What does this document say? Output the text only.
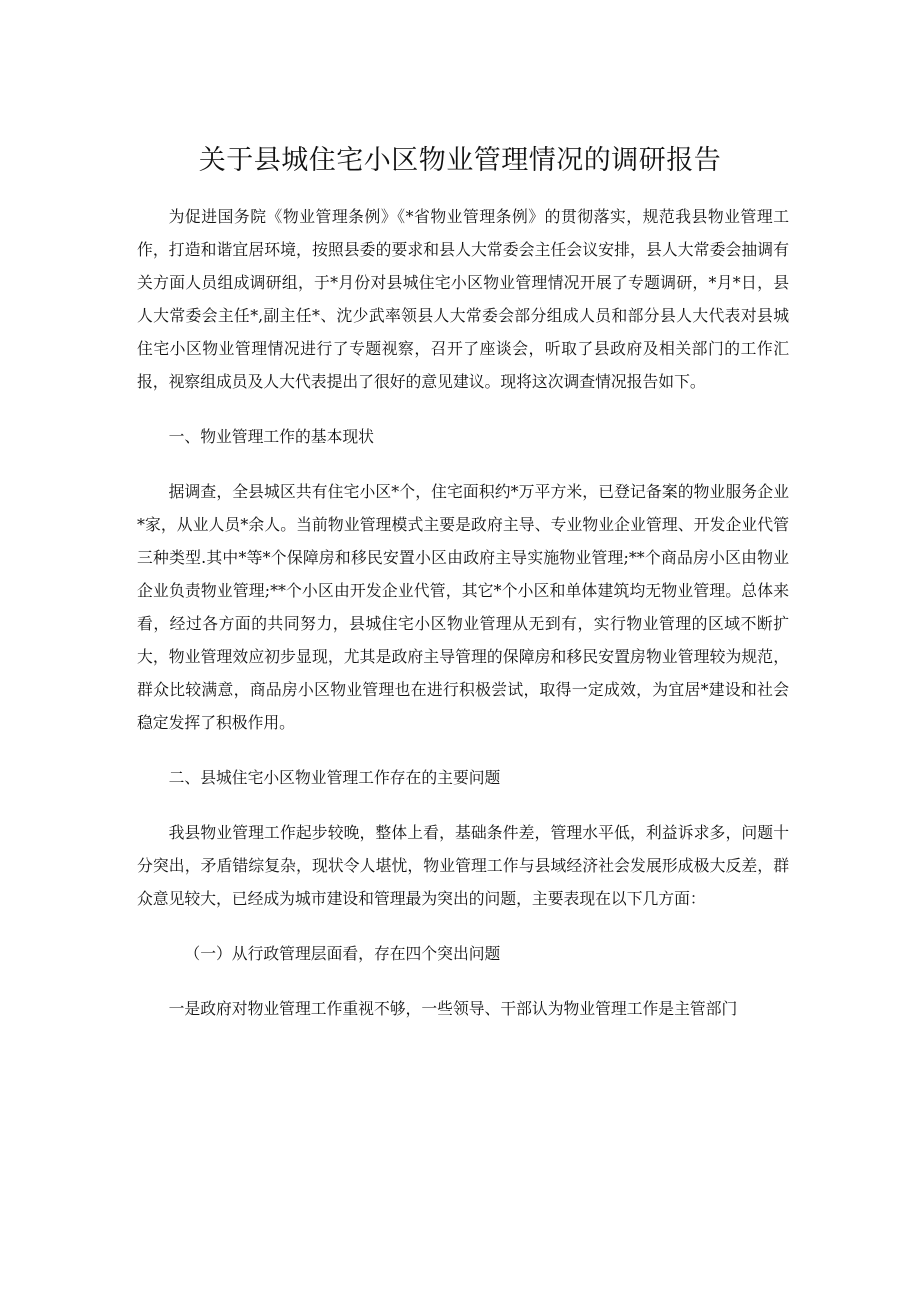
关于县城住宅小区物业管理情况的调研报告

为促进国务院《物业管理条例》《*省物业管理条例》的贯彻落实，规范我县物业管理工作，打造和谐宜居环境，按照县委的要求和县人大常委会主任会议安排，县人大常委会抽调有关方面人员组成调研组，于*月份对县城住宅小区物业管理情况开展了专题调研，*月*日，县人大常委会主任*,副主任*、沈少武率领县人大常委会部分组成人员和部分县人大代表对县城住宅小区物业管理情况进行了专题视察，召开了座谈会，听取了县政府及相关部门的工作汇报，视察组成员及人大代表提出了很好的意见建议。现将这次调查情况报告如下。

一、物业管理工作的基本现状

据调查，全县城区共有住宅小区*个，住宅面积约*万平方米，已登记备案的物业服务企业*家，从业人员*余人。当前物业管理模式主要是政府主导、专业物业企业管理、开发企业代管三种类型.其中*等*个保障房和移民安置小区由政府主导实施物业管理;**个商品房小区由物业企业负责物业管理;**个小区由开发企业代管，其它*个小区和单体建筑均无物业管理。总体来看，经过各方面的共同努力，县城住宅小区物业管理从无到有，实行物业管理的区域不断扩大，物业管理效应初步显现，尤其是政府主导管理的保障房和移民安置房物业管理较为规范，群众比较满意，商品房小区物业管理也在进行积极尝试，取得一定成效，为宜居*建设和社会稳定发挥了积极作用。

二、县城住宅小区物业管理工作存在的主要问题

我县物业管理工作起步较晚，整体上看，基础条件差，管理水平低，利益诉求多，问题十分突出，矛盾错综复杂，现状令人堪忧，物业管理工作与县域经济社会发展形成极大反差，群众意见较大，已经成为城市建设和管理最为突出的问题，主要表现在以下几方面：

（一）从行政管理层面看，存在四个突出问题

一是政府对物业管理工作重视不够，一些领导、干部认为物业管理工作是主管部门
